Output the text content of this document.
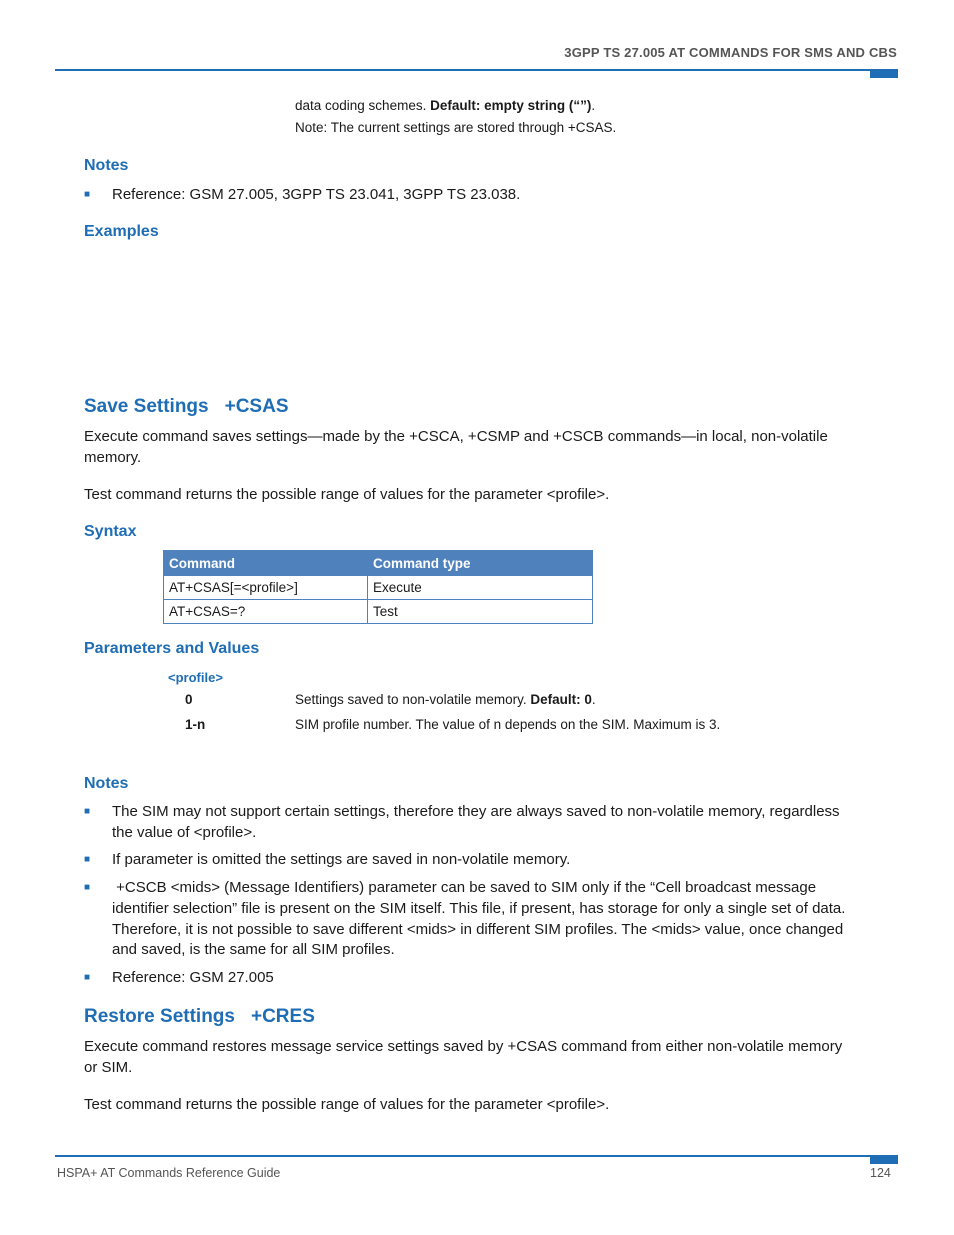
3GPP TS 27.005 AT COMMANDS FOR SMS AND CBS
data coding schemes. Default: empty string (“”).
Note: The current settings are stored through +CSAS.
Notes
■ Reference: GSM 27.005, 3GPP TS 23.041, 3GPP TS 23.038.
Examples
Save Settings +CSAS
Execute command saves settings—made by the +CSCA, +CSMP and +CSCB commands—in local, non-volatile
memory.
Test command returns the possible range of values for the parameter <profile>.
Syntax
Command	Command type
AT+CSAS[=<profile>]	Execute
AT+CSAS=?	Test
Parameters and Values
<profile>
0	Settings saved to non-volatile memory. Default: 0.
1-n	SIM profile number. The value of n depends on the SIM. Maximum is 3.
Notes
■ The SIM may not support certain settings, therefore they are always saved to non-volatile memory, regardless
the value of <profile>.
■ If parameter is omitted the settings are saved in non-volatile memory.
■ +CSCB <mids> (Message Identifiers) parameter can be saved to SIM only if the “Cell broadcast message
identifier selection” file is present on the SIM itself. This file, if present, has storage for only a single set of data.
Therefore, it is not possible to save different <mids> in different SIM profiles. The <mids> value, once changed
and saved, is the same for all SIM profiles.
■ Reference: GSM 27.005
Restore Settings +CRES
Execute command restores message service settings saved by +CSAS command from either non-volatile memory
or SIM.
Test command returns the possible range of values for the parameter <profile>.
HSPA+ AT Commands Reference Guide	124
